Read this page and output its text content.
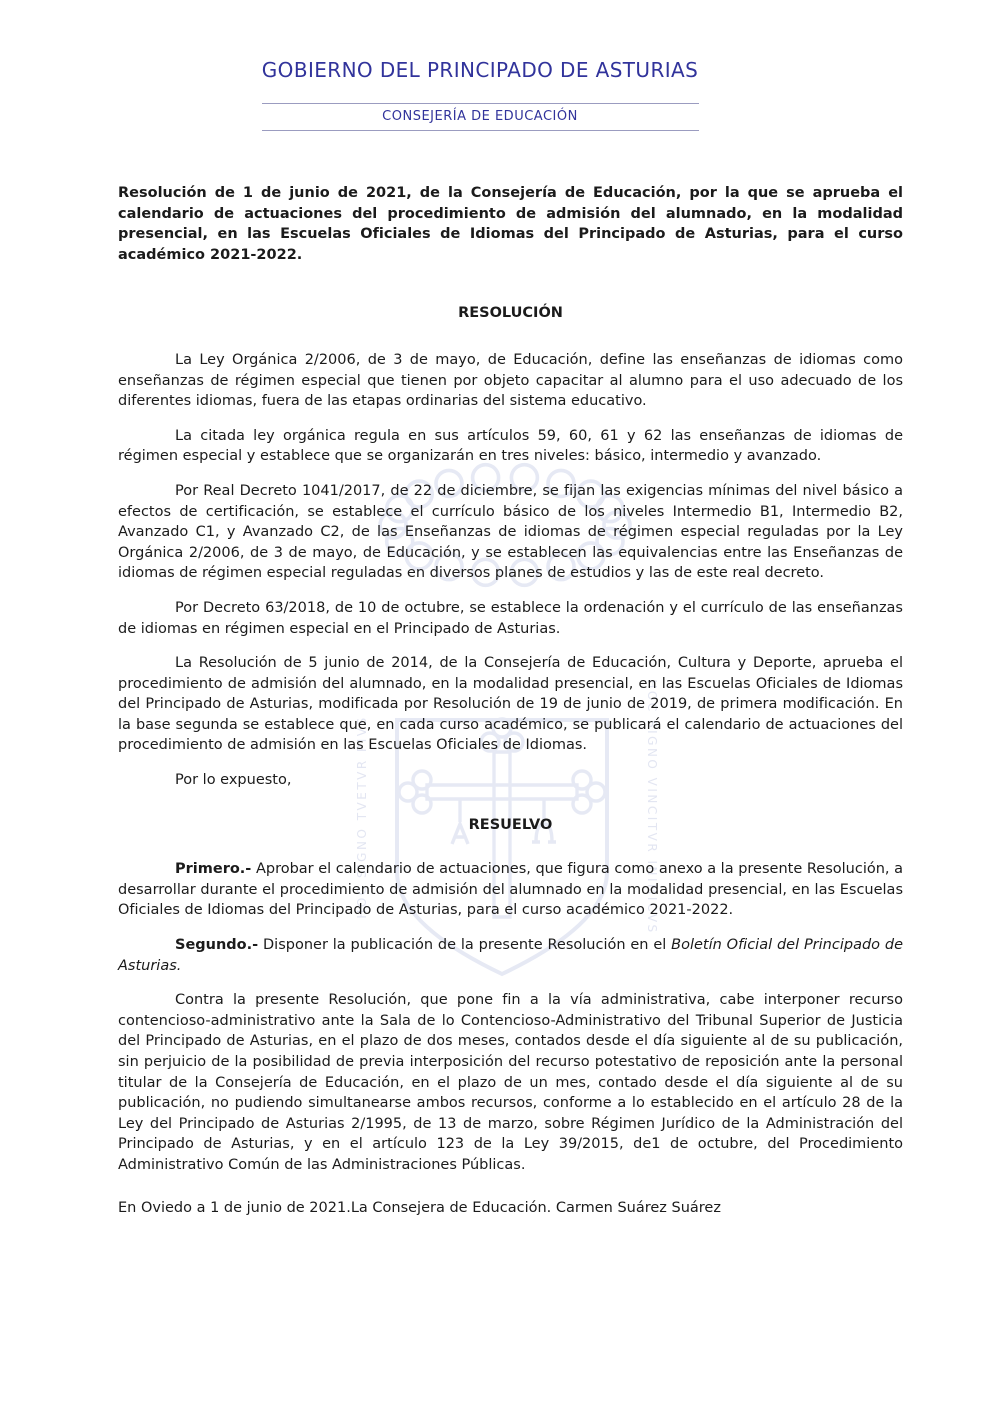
HOC SIGNO TVETVR PIVS	HOC SIGNO VINCITVR INIMICVS
GOBIERNO DEL PRINCIPADO DE ASTURIAS
CONSEJERÍA DE EDUCACIÓN

Resolución de 1 de junio de 2021, de la Consejería de Educación, por la que se aprueba el calendario de actuaciones del procedimiento de admisión del alumnado, en la modalidad presencial, en las Escuelas Oficiales de Idiomas del Principado de Asturias, para el curso académico 2021-2022.

RESOLUCIÓN

La Ley Orgánica 2/2006, de 3 de mayo, de Educación, define las enseñanzas de idiomas como enseñanzas de régimen especial que tienen por objeto capacitar al alumno para el uso adecuado de los diferentes idiomas, fuera de las etapas ordinarias del sistema educativo.

La citada ley orgánica regula en sus artículos 59, 60, 61 y 62 las enseñanzas de idiomas de régimen especial y establece que se organizarán en tres niveles: básico, intermedio y avanzado.

Por Real Decreto 1041/2017, de 22 de diciembre, se fijan las exigencias mínimas del nivel básico a efectos de certificación, se establece el currículo básico de los niveles Intermedio B1, Intermedio B2, Avanzado C1, y Avanzado C2, de las Enseñanzas de idiomas de régimen especial reguladas por la Ley Orgánica 2/2006, de 3 de mayo, de Educación, y se establecen las equivalencias entre las Enseñanzas de idiomas de régimen especial reguladas en diversos planes de estudios y las de este real decreto.

Por Decreto 63/2018, de 10 de octubre, se establece la ordenación y el currículo de las enseñanzas de idiomas en régimen especial en el Principado de Asturias.

La Resolución de 5 junio de 2014, de la Consejería de Educación, Cultura y Deporte, aprueba el procedimiento de admisión del alumnado, en la modalidad presencial, en las Escuelas Oficiales de Idiomas del Principado de Asturias, modificada por Resolución de 19 de junio de 2019, de primera modificación. En la base segunda se establece que, en cada curso académico, se publicará el calendario de actuaciones del procedimiento de admisión en las Escuelas Oficiales de Idiomas.

Por lo expuesto,

RESUELVO

Primero.- Aprobar el calendario de actuaciones, que figura como anexo a la presente Resolución, a desarrollar durante el procedimiento de admisión del alumnado en la modalidad presencial, en las Escuelas Oficiales de Idiomas del Principado de Asturias, para el curso académico 2021-2022.

Segundo.- Disponer la publicación de la presente Resolución en el Boletín Oficial del Principado de Asturias.

Contra la presente Resolución, que pone fin a la vía administrativa, cabe interponer recurso contencioso-administrativo ante la Sala de lo Contencioso-Administrativo del Tribunal Superior de Justicia del Principado de Asturias, en el plazo de dos meses, contados desde el día siguiente al de su publicación, sin perjuicio de la posibilidad de previa interposición del recurso potestativo de reposición ante la personal titular de la Consejería de Educación, en el plazo de un mes, contado desde el día siguiente al de su publicación, no pudiendo simultanearse ambos recursos, conforme a lo establecido en el artículo 28 de la Ley del Principado de Asturias 2/1995, de 13 de marzo, sobre Régimen Jurídico de la Administración del Principado de Asturias, y en el artículo 123 de la Ley 39/2015, de1 de octubre, del Procedimiento Administrativo Común de las Administraciones Públicas.

En Oviedo a 1 de junio de 2021.La Consejera de Educación. Carmen Suárez Suárez
